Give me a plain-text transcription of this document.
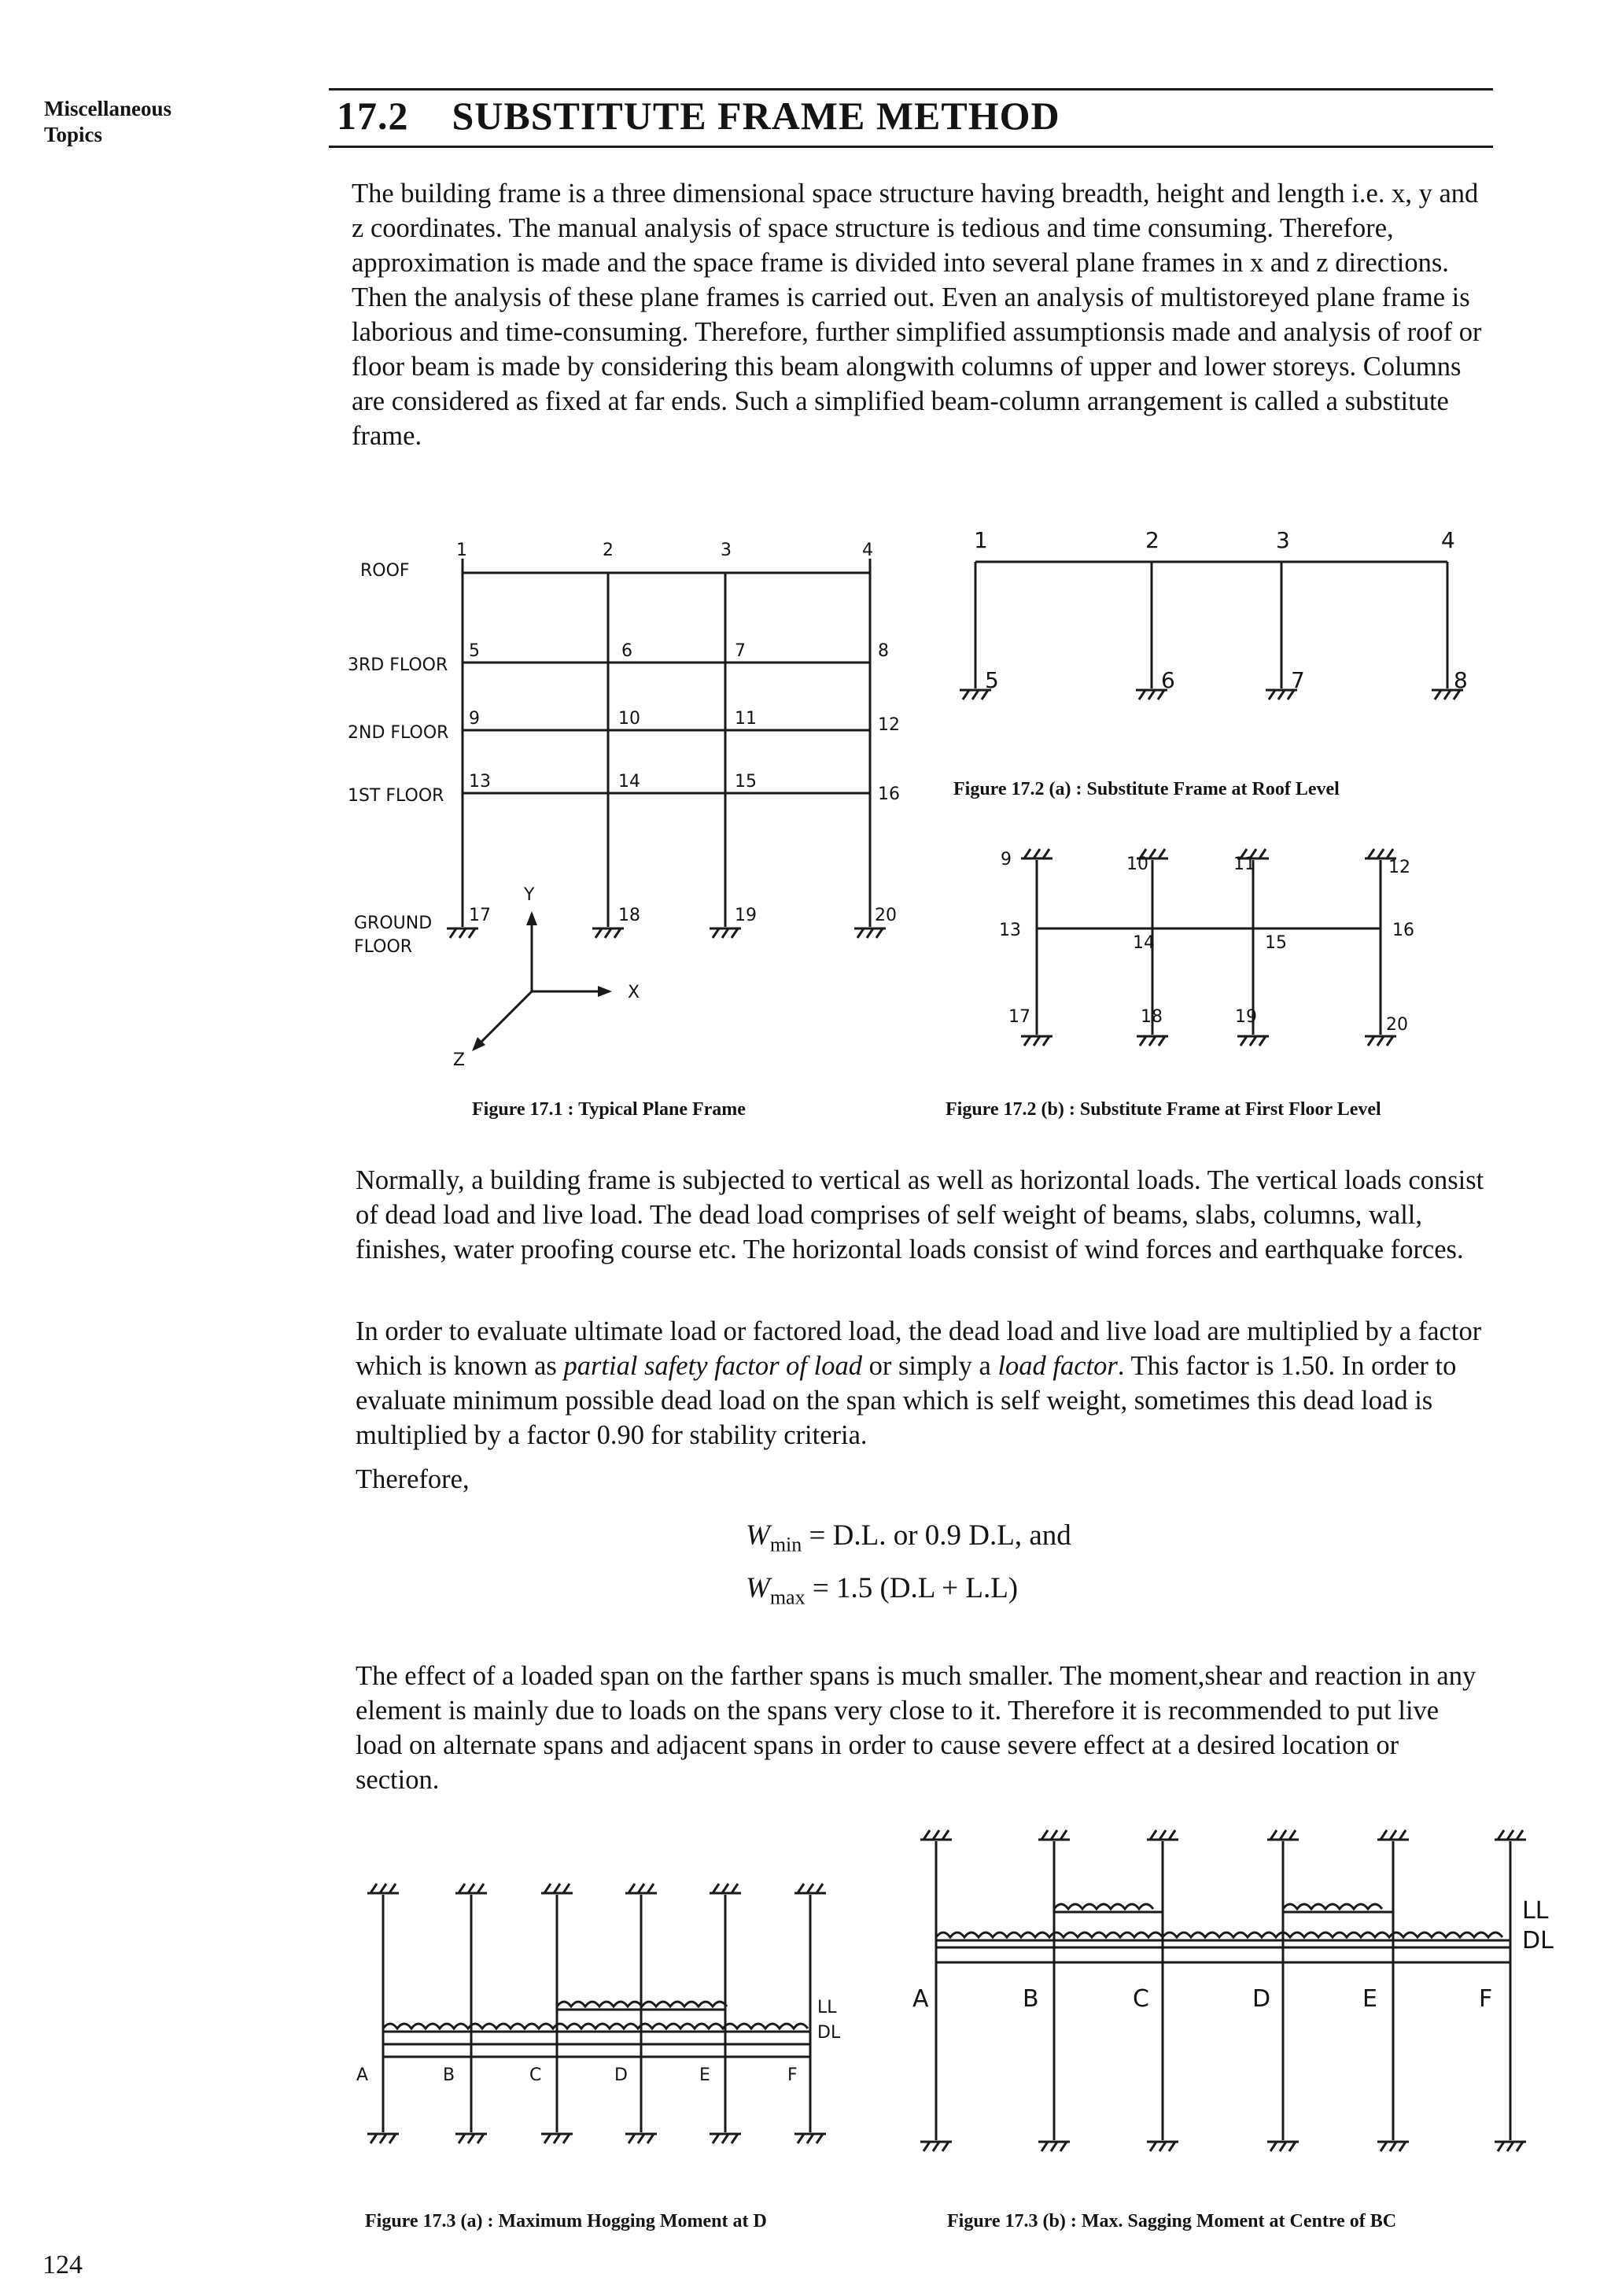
Miscellaneous
Topics	17.2 SUBSTITUTE FRAME METHOD

The building frame is a three dimensional space structure having breadth, height and length i.e. x, y and z coordinates. The manual analysis of space structure is tedious and time consuming. Therefore, approximation is made and the space frame is divided into several plane frames in x and z directions. Then the analysis of these plane frames is carried out. Even an analysis of multistoreyed plane frame is laborious and time-consuming. Therefore, further simplified assumptionsis made and analysis of roof or floor beam is made by considering this beam alongwith columns of upper and lower storeys. Columns are considered as fixed at far ends. Such a simplified beam-column arrangement is called a substitute frame.

ROOF
3RD FLOOR
2ND FLOOR
1ST FLOOR
GROUND
FLOOR
1	2	3	4
5	6	7	8
9	10	11	12
13	14	15
16
17	18	19	20
Y
X
Z
Figure 17.1 : Typical Plane Frame
1	2	3	4
5	6	7	8
Figure 17.2 (a) : Substitute Frame at Roof Level
9	10	11	12
13
14	15
16
17	18	19	20
Figure 17.2 (b) : Substitute Frame at First Floor Level

Normally, a building frame is subjected to vertical as well as horizontal loads. The vertical loads consist of dead load and live load. The dead load comprises of self weight of beams, slabs, columns, wall, finishes, water proofing course etc. The horizontal loads consist of wind forces and earthquake forces.

In order to evaluate ultimate load or factored load, the dead load and live load are multiplied by a factor which is known as partial safety factor of load or simply a load factor. This factor is 1.50. In order to evaluate minimum possible dead load on the span which is self weight, sometimes this dead load is multiplied by a factor 0.90 for stability criteria.

Therefore,

$W_{min} = D.L$. or 0.9 D.L, and
$W_{max} = 1.5$ (D.L + L.L)

The effect of a loaded span on the farther spans is much smaller. The moment,shear and reaction in any element is mainly due to loads on the spans very close to it. Therefore it is recommended to put live load on alternate spans and adjacent spans in order to cause severe effect at a desired location or section.

LL
DL
A	B	C	D	E	F
Figure 17.3 (a) : Maximum Hogging Moment at D
LL
DL
A	B	C	D	E	F
Figure 17.3 (b) : Max. Sagging Moment at Centre of BC
124
